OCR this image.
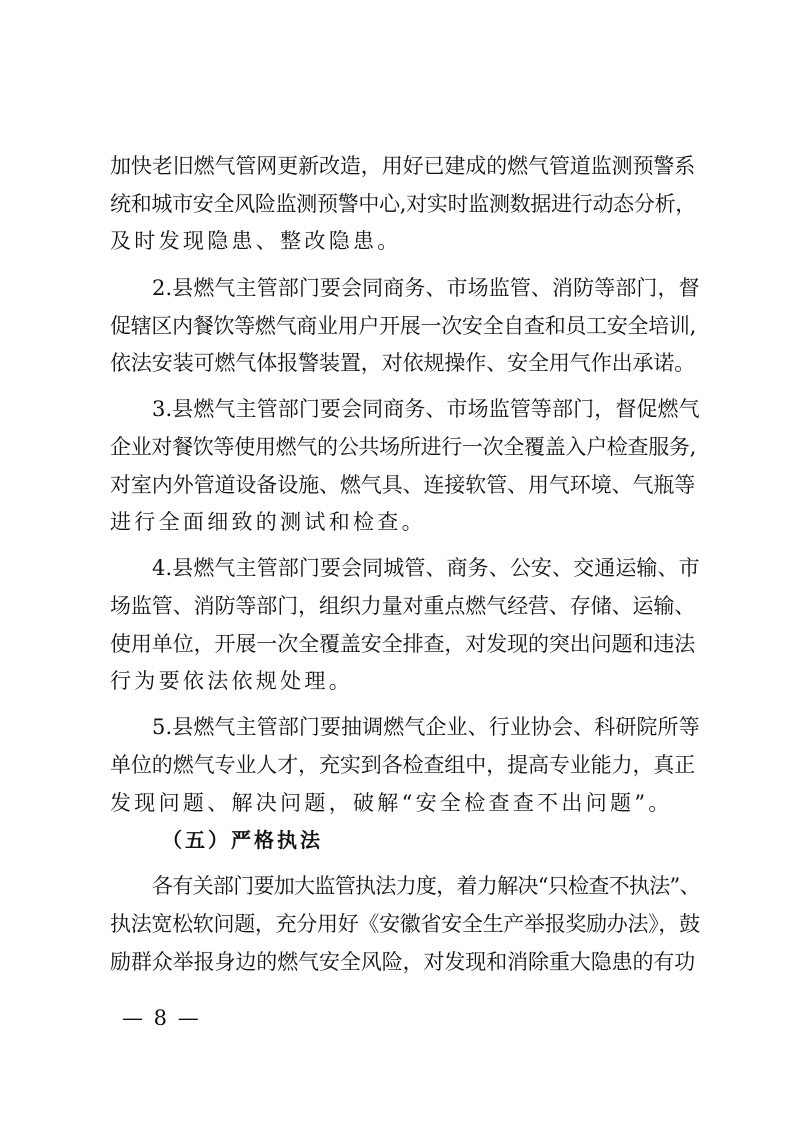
加快老旧燃气管网更新改造，用好已建成的燃气管道监测预警系
统和城市安全风险监测预警中心,对实时监测数据进行动态分析，
及时发现隐患、整改隐患。
2.县燃气主管部门要会同商务、市场监管、消防等部门，督
促辖区内餐饮等燃气商业用户开展一次安全自查和员工安全培训,
依法安装可燃气体报警装置，对依规操作、安全用气作出承诺。
3.县燃气主管部门要会同商务、市场监管等部门，督促燃气
企业对餐饮等使用燃气的公共场所进行一次全覆盖入户检查服务,
对室内外管道设备设施、燃气具、连接软管、用气环境、气瓶等
进行全面细致的测试和检查。
4.县燃气主管部门要会同城管、商务、公安、交通运输、市
场监管、消防等部门，组织力量对重点燃气经营、存储、运输、
使用单位，开展一次全覆盖安全排查，对发现的突出问题和违法
行为要依法依规处理。
5.县燃气主管部门要抽调燃气企业、行业协会、科研院所等
单位的燃气专业人才，充实到各检查组中，提高专业能力，真正
发现问题、解决问题，破解“安全检查查不出问题”。
（五）严格执法
各有关部门要加大监管执法力度，着力解决“只检查不执法”、
执法宽松软问题，充分用好《安徽省安全生产举报奖励办法》，鼓
励群众举报身边的燃气安全风险，对发现和消除重大隐患的有功
— 8 —
